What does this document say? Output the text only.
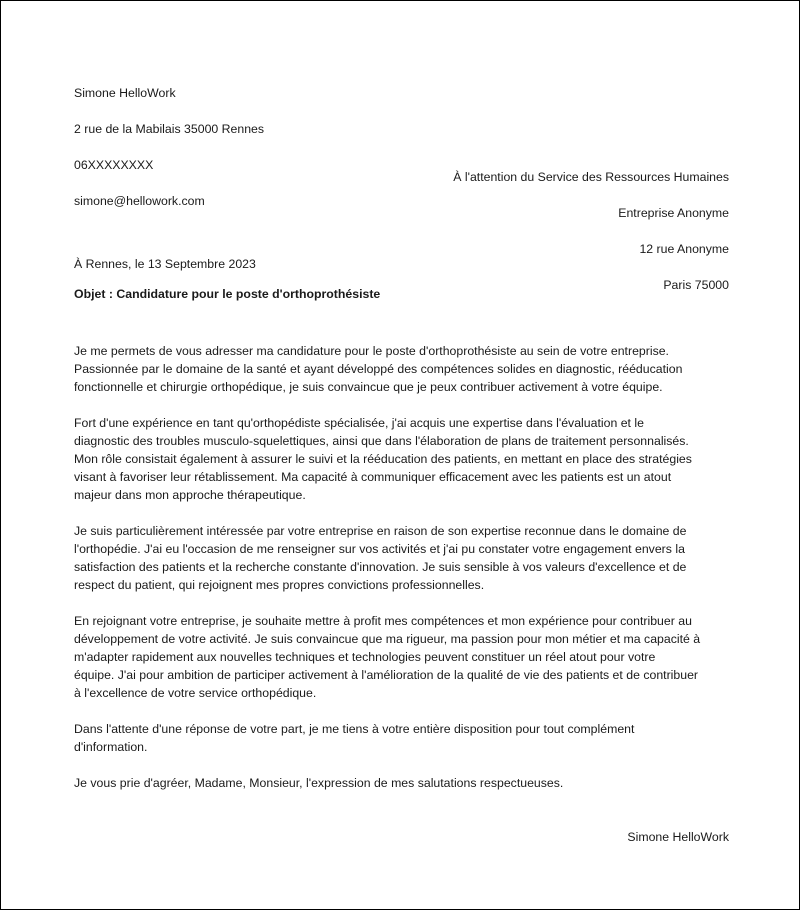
Simone HelloWork

2 rue de la Mabilais 35000 Rennes

06XXXXXXXX

simone@hellowork.com

À l'attention du Service des Ressources Humaines

Entreprise Anonyme

12 rue Anonyme

Paris 75000

À Rennes, le 13 Septembre 2023
Objet : Candidature pour le poste d'orthoprothésiste
Je me permets de vous adresser ma candidature pour le poste d'orthoprothésiste au sein de votre entreprise.
Passionnée par le domaine de la santé et ayant développé des compétences solides en diagnostic, rééducation
fonctionnelle et chirurgie orthopédique, je suis convaincue que je peux contribuer activement à votre équipe.
Fort d'une expérience en tant qu'orthopédiste spécialisée, j'ai acquis une expertise dans l'évaluation et le
diagnostic des troubles musculo-squelettiques, ainsi que dans l'élaboration de plans de traitement personnalisés.
Mon rôle consistait également à assurer le suivi et la rééducation des patients, en mettant en place des stratégies
visant à favoriser leur rétablissement. Ma capacité à communiquer efficacement avec les patients est un atout
majeur dans mon approche thérapeutique.
Je suis particulièrement intéressée par votre entreprise en raison de son expertise reconnue dans le domaine de
l'orthopédie. J'ai eu l'occasion de me renseigner sur vos activités et j'ai pu constater votre engagement envers la
satisfaction des patients et la recherche constante d'innovation. Je suis sensible à vos valeurs d'excellence et de
respect du patient, qui rejoignent mes propres convictions professionnelles.
En rejoignant votre entreprise, je souhaite mettre à profit mes compétences et mon expérience pour contribuer au
développement de votre activité. Je suis convaincue que ma rigueur, ma passion pour mon métier et ma capacité à
m'adapter rapidement aux nouvelles techniques et technologies peuvent constituer un réel atout pour votre
équipe. J'ai pour ambition de participer activement à l'amélioration de la qualité de vie des patients et de contribuer
à l'excellence de votre service orthopédique.
Dans l'attente d'une réponse de votre part, je me tiens à votre entière disposition pour tout complément
d'information.
Je vous prie d'agréer, Madame, Monsieur, l'expression de mes salutations respectueuses.
Simone HelloWork
